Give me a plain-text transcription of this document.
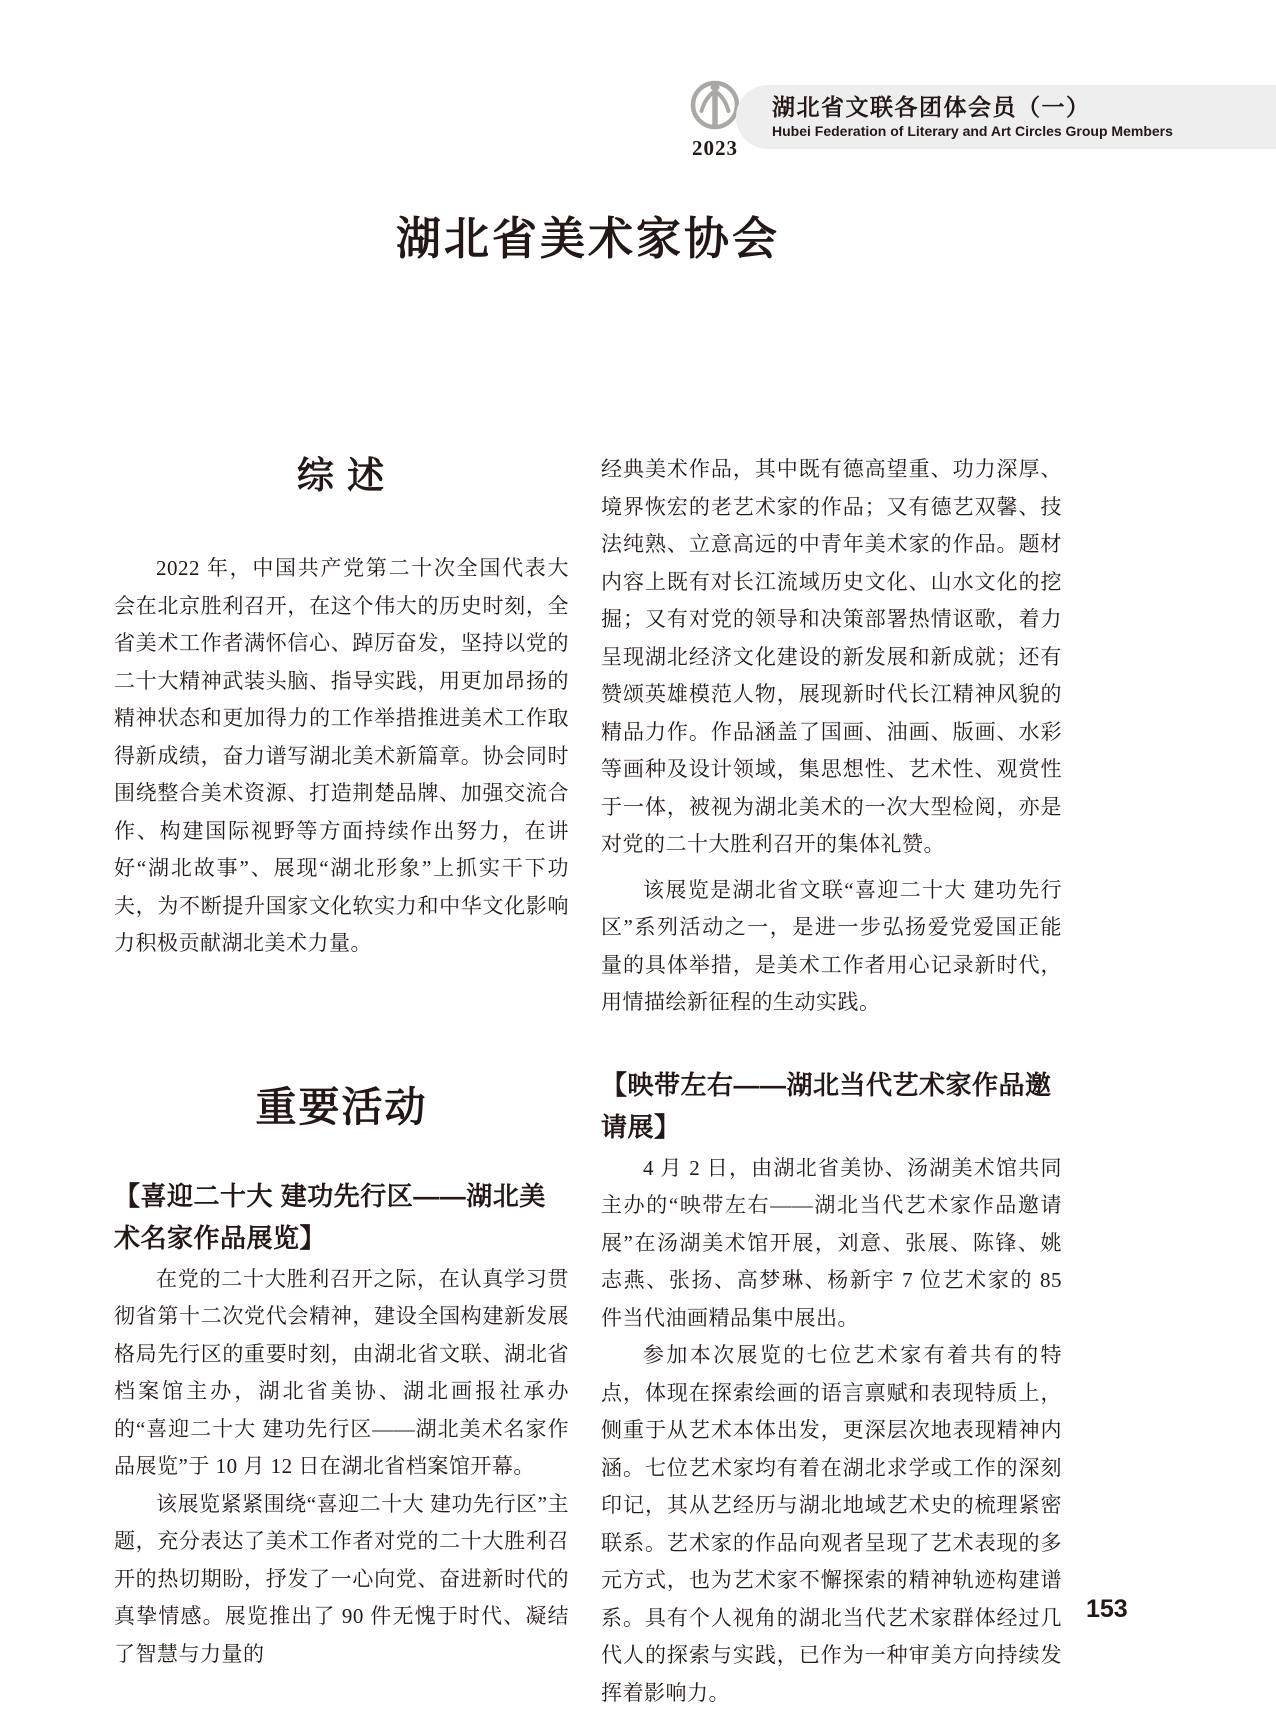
2023
湖北省文联各团体会员（一）
Hubei Federation of Literary and Art Circles Group Members
湖北省美术家协会
综 述

2022 年，中国共产党第二十次全国代表大会在北京胜利召开，在这个伟大的历史时刻，全省美术工作者满怀信心、踔厉奋发，坚持以党的二十大精神武装头脑、指导实践，用更加昂扬的精神状态和更加得力的工作举措推进美术工作取得新成绩，奋力谱写湖北美术新篇章。协会同时围绕整合美术资源、打造荆楚品牌、加强交流合作、构建国际视野等方面持续作出努力，在讲好“湖北故事”、展现“湖北形象”上抓实干下功夫，为不断提升国家文化软实力和中华文化影响力积极贡献湖北美术力量。

重要活动
【喜迎二十大 建功先行区——湖北美术名家作品展览】

在党的二十大胜利召开之际，在认真学习贯彻省第十二次党代会精神，建设全国构建新发展格局先行区的重要时刻，由湖北省文联、湖北省档案馆主办，湖北省美协、湖北画报社承办的“喜迎二十大 建功先行区——湖北美术名家作品展览”于 10 月 12 日在湖北省档案馆开幕。

该展览紧紧围绕“喜迎二十大 建功先行区”主题，充分表达了美术工作者对党的二十大胜利召开的热切期盼，抒发了一心向党、奋进新时代的真挚情感。展览推出了 90 件无愧于时代、凝结了智慧与力量的

经典美术作品，其中既有德高望重、功力深厚、境界恢宏的老艺术家的作品；又有德艺双馨、技法纯熟、立意高远的中青年美术家的作品。题材内容上既有对长江流域历史文化、山水文化的挖掘；又有对党的领导和决策部署热情讴歌，着力呈现湖北经济文化建设的新发展和新成就；还有赞颂英雄模范人物，展现新时代长江精神风貌的精品力作。作品涵盖了国画、油画、版画、水彩等画种及设计领域，集思想性、艺术性、观赏性于一体，被视为湖北美术的一次大型检阅，亦是对党的二十大胜利召开的集体礼赞。

该展览是湖北省文联“喜迎二十大 建功先行区”系列活动之一，是进一步弘扬爱党爱国正能量的具体举措，是美术工作者用心记录新时代，用情描绘新征程的生动实践。

【映带左右——湖北当代艺术家作品邀请展】

4 月 2 日，由湖北省美协、汤湖美术馆共同主办的“映带左右——湖北当代艺术家作品邀请展”在汤湖美术馆开展，刘意、张展、陈锋、姚志燕、张扬、高梦琳、杨新宇 7 位艺术家的 85 件当代油画精品集中展出。

参加本次展览的七位艺术家有着共有的特点，体现在探索绘画的语言禀赋和表现特质上，侧重于从艺术本体出发，更深层次地表现精神内涵。七位艺术家均有着在湖北求学或工作的深刻印记，其从艺经历与湖北地域艺术史的梳理紧密联系。艺术家的作品向观者呈现了艺术表现的多元方式，也为艺术家不懈探索的精神轨迹构建谱系。具有个人视角的湖北当代艺术家群体经过几代人的探索与实践，已作为一种审美方向持续发挥着影响力。

153
